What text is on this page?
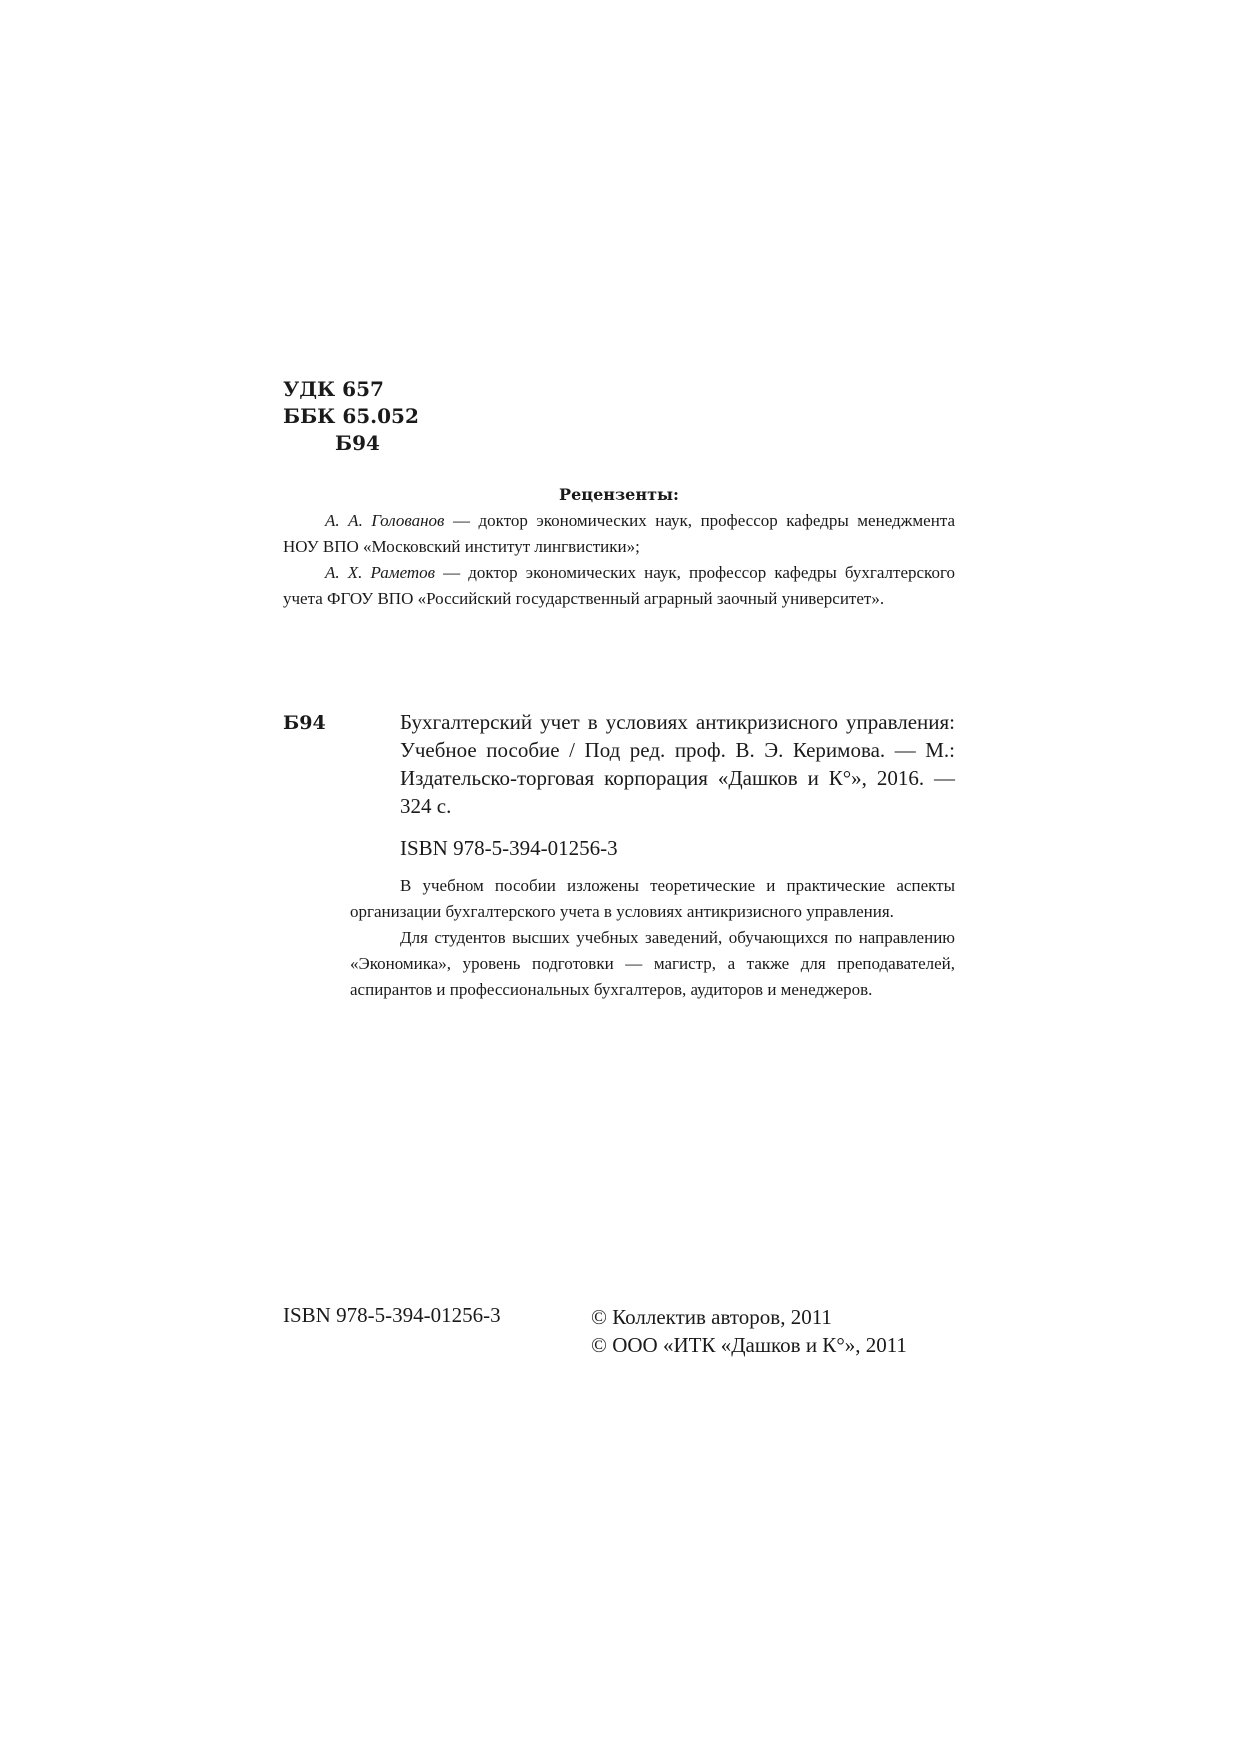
УДК 657
ББК 65.052
Б94
Рецензенты:
А. А. Голованов — доктор экономических наук, профессор кафедры менеджмента НОУ ВПО «Московский институт лингвистики»;
А. Х. Раметов — доктор экономических наук, профессор кафедры бухгалтерского учета ФГОУ ВПО «Российский государственный аграрный заочный университет».
Б94	Бухгалтерский учет в условиях антикризисного управления: Учебное пособие / Под ред. проф. В. Э. Керимова. — М.: Издательско-торговая корпорация «Дашков и К°», 2016. — 324 с.
ISBN 978-5-394-01256-3
В учебном пособии изложены теоретические и практические аспекты организации бухгалтерского учета в условиях антикризисного управления.
Для студентов высших учебных заведений, обучающихся по направлению «Экономика», уровень подготовки — магистр, а также для преподавателей, аспирантов и профессиональных бухгалтеров, аудиторов и менеджеров.
ISBN 978-5-394-01256-3	© Коллектив авторов, 2011
© ООО «ИТК «Дашков и К°», 2011
